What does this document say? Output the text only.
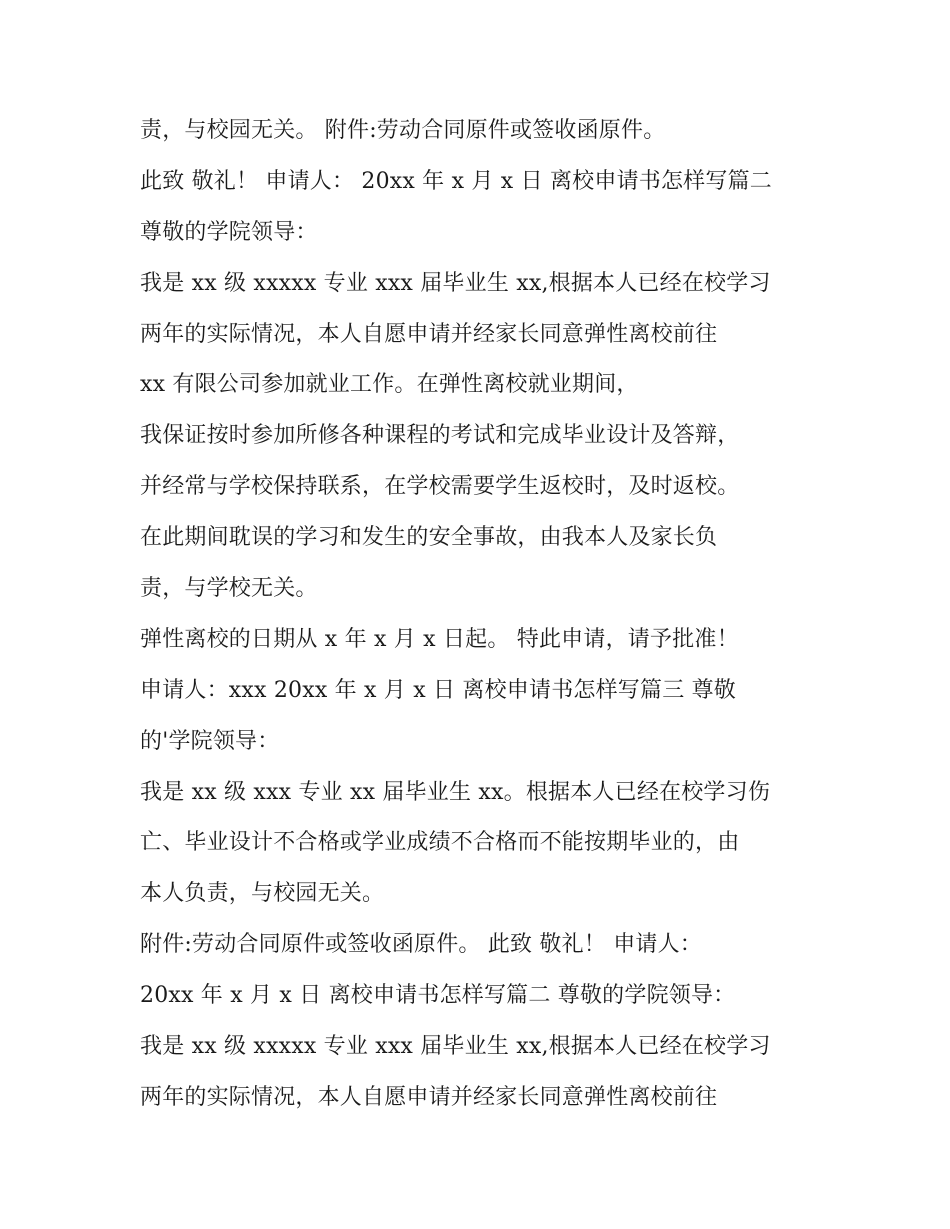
责，与校园无关。 附件:劳动合同原件或签收函原件。
此致 敬礼！ 申请人： 20xx 年 x 月 x 日 离校申请书怎样写篇二
尊敬的学院领导：
我是 xx 级 xxxxx 专业 xxx 届毕业生 xx,根据本人已经在校学习
两年的实际情况，本人自愿申请并经家长同意弹性离校前往
xx 有限公司参加就业工作。在弹性离校就业期间，
我保证按时参加所修各种课程的考试和完成毕业设计及答辩，
并经常与学校保持联系，在学校需要学生返校时，及时返校。
在此期间耽误的学习和发生的安全事故，由我本人及家长负
责，与学校无关。
弹性离校的日期从 x 年 x 月 x 日起。 特此申请，请予批准！
申请人：xxx 20xx 年 x 月 x 日 离校申请书怎样写篇三 尊敬
的'学院领导：
我是 xx 级 xxx 专业 xx 届毕业生 xx。根据本人已经在校学习伤
亡、毕业设计不合格或学业成绩不合格而不能按期毕业的，由
本人负责，与校园无关。
附件:劳动合同原件或签收函原件。 此致 敬礼！ 申请人：
20xx 年 x 月 x 日 离校申请书怎样写篇二 尊敬的学院领导：
我是 xx 级 xxxxx 专业 xxx 届毕业生 xx,根据本人已经在校学习
两年的实际情况，本人自愿申请并经家长同意弹性离校前往
